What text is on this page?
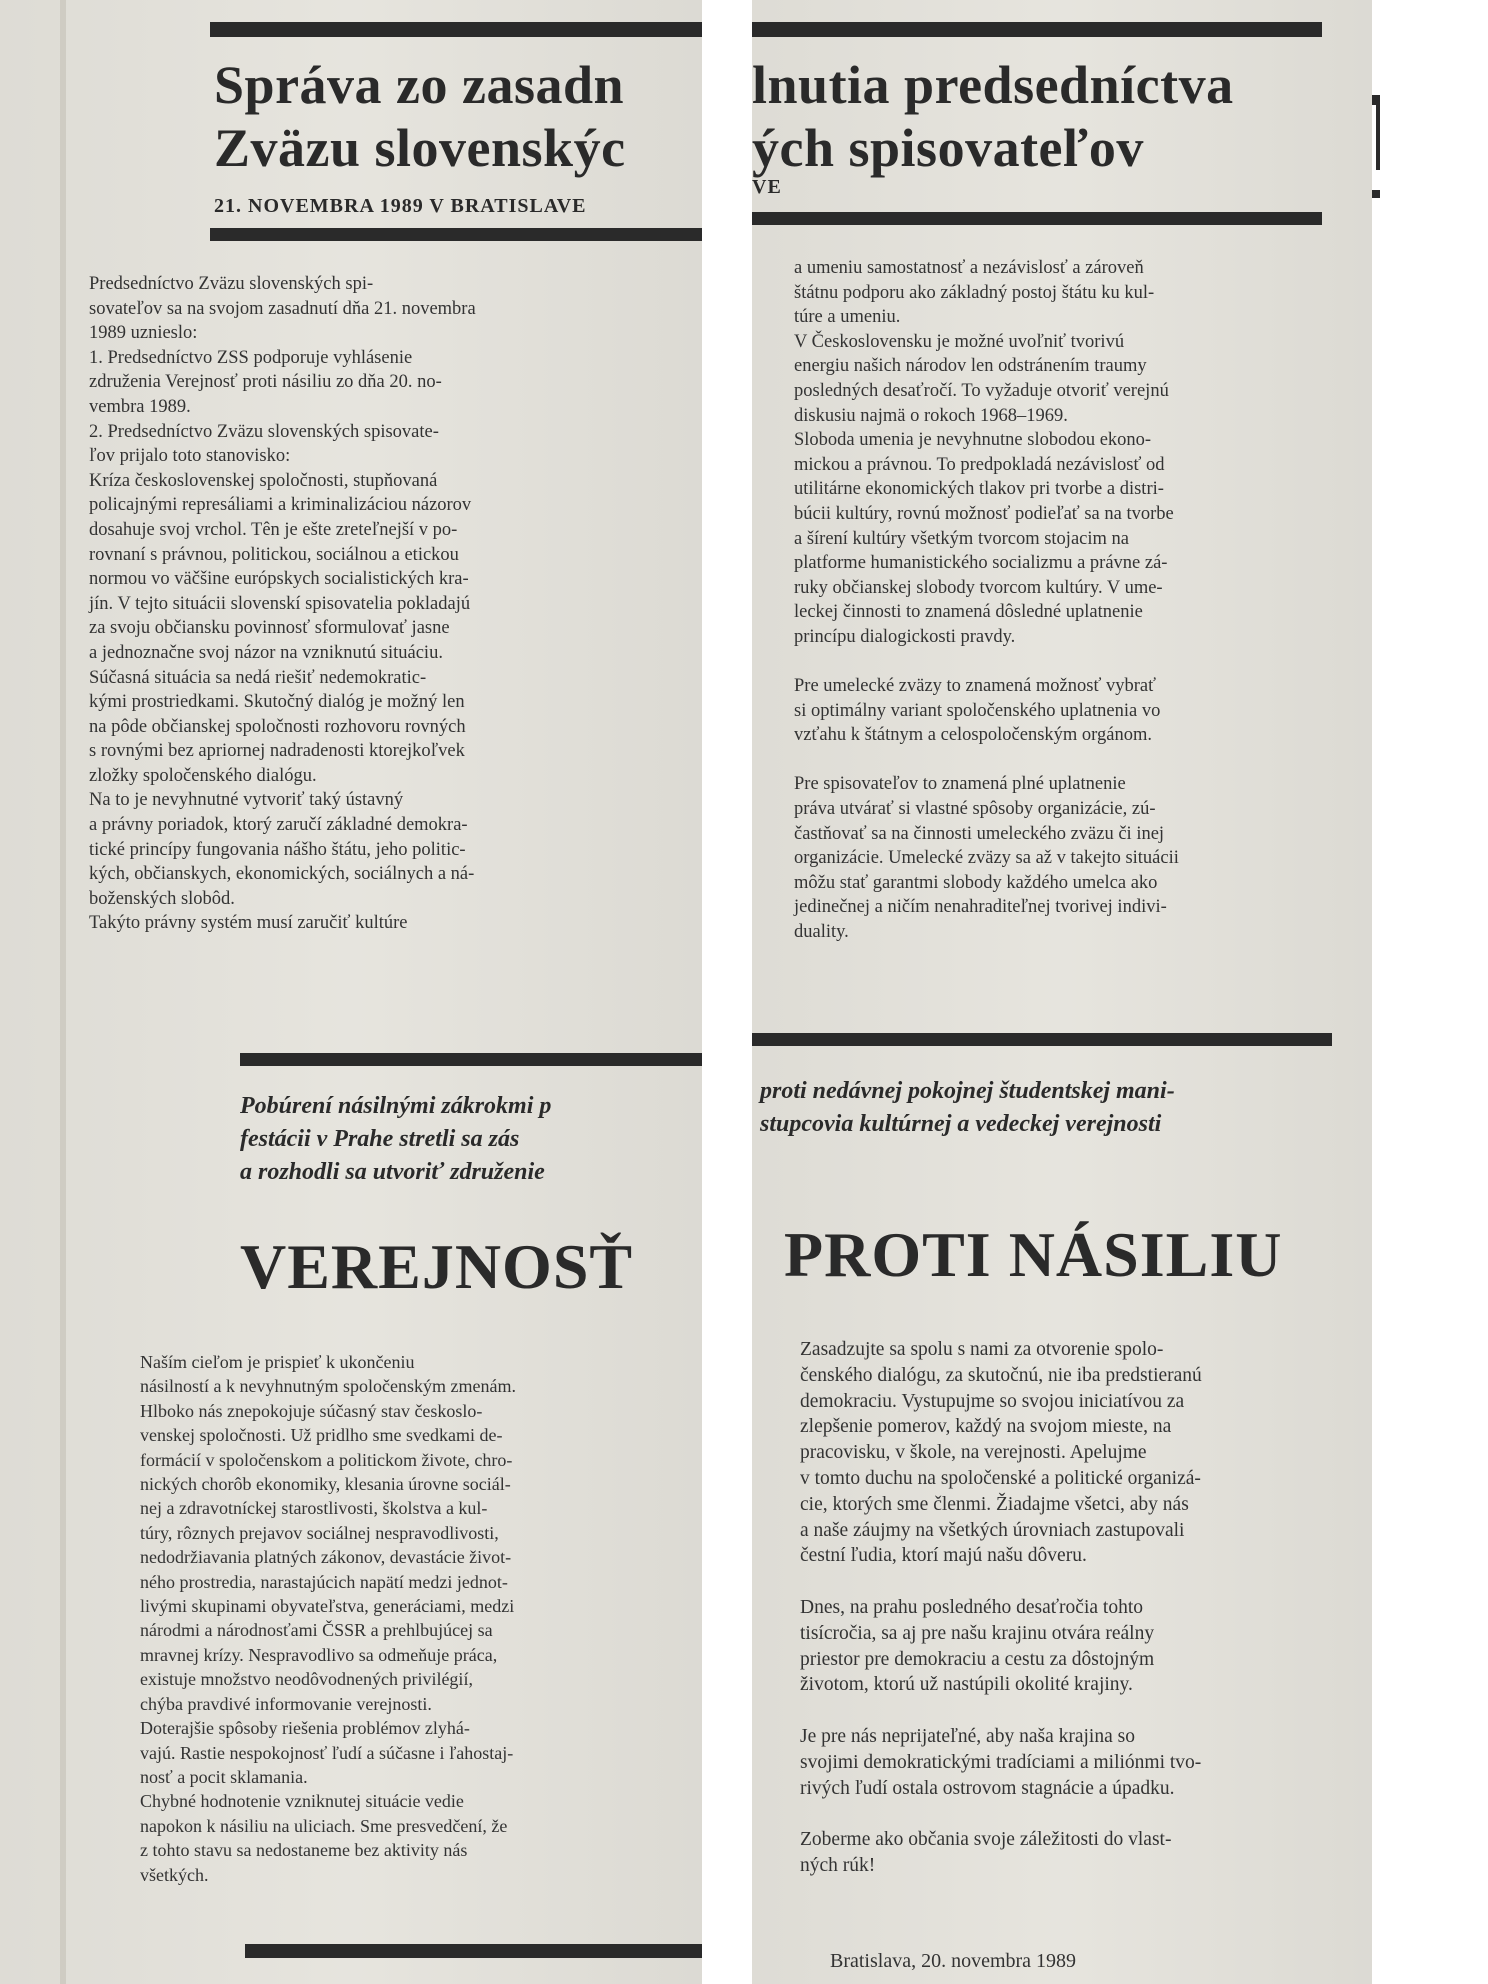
Správa zo zasadn
Zväzu slovenskýc

21. NOVEMBRA 1989 V BRATISLAVE

Predsedníctvo Zväzu slovenských spi-
sovateľov sa na svojom zasadnutí dňa 21. novembra
1989 uznieslo:
1. Predsedníctvo ZSS podporuje vyhlásenie
združenia Verejnosť proti násiliu zo dňa 20. no-
vembra 1989.
2. Predsedníctvo Zväzu slovenských spisovate-
ľov prijalo toto stanovisko:
Kríza československej spoločnosti, stupňovaná
policajnými represáliami a kriminalizáciou názorov
dosahuje svoj vrchol. Tên je ešte zreteľnejší v po-
rovnaní s právnou, politickou, sociálnou a etickou
normou vo väčšine európskych socialistických kra-
jín. V tejto situácii slovenskí spisovatelia pokladajú
za svoju občiansku povinnosť sformulovať jasne
a jednoznačne svoj názor na vzniknutú situáciu.
Súčasná situácia sa nedá riešiť nedemokratic-
kými prostriedkami. Skutočný dialóg je možný len
na pôde občianskej spoločnosti rozhovoru rovných
s rovnými bez apriornej nadradenosti ktorejkoľvek
zložky spoločenského dialógu.
Na to je nevyhnutné vytvoriť taký ústavný
a právny poriadok, ktorý zaručí základné demokra-
tické princípy fungovania nášho štátu, jeho politic-
kých, občianskych, ekonomických, sociálnych a ná-
boženských slobôd.
Takýto právny systém musí zaručiť kultúre

Pobúrení násilnými zákrokmi p
festácii v Prahe stretli sa zás
a rozhodli sa utvoriť združenie

VEREJNOSŤ

Naším cieľom je prispieť k ukončeniu
násilností a k nevyhnutným spoločenským zmenám.
Hlboko nás znepokojuje súčasný stav českoslo-
venskej spoločnosti. Už pridlho sme svedkami de-
formácií v spoločenskom a politickom živote, chro-
nických chorôb ekonomiky, klesania úrovne sociál-
nej a zdravotníckej starostlivosti, školstva a kul-
túry, rôznych prejavov sociálnej nespravodlivosti,
nedodržiavania platných zákonov, devastácie život-
ného prostredia, narastajúcich napätí medzi jednot-
livými skupinami obyvateľstva, generáciami, medzi
národmi a národnosťami ČSSR a prehlbujúcej sa
mravnej krízy. Nespravodlivo sa odmeňuje práca,
existuje množstvo neodôvodnených privilégií,
chýba pravdivé informovanie verejnosti.
Doterajšie spôsoby riešenia problémov zlyhá-
vajú. Rastie nespokojnosť ľudí a súčasne i ľahostaj-
nosť a pocit sklamania.
Chybné hodnotenie vzniknutej situácie vedie
napokon k násiliu na uliciach. Sme presvedčení, že
z tohto stavu sa nedostaneme bez aktivity nás
všetkých.

lnutia predsedníctva
ých spisovateľov

VE

a umeniu samostatnosť a nezávislosť a zároveň
štátnu podporu ako základný postoj štátu ku kul-
túre a umeniu.
V Československu je možné uvoľniť tvorivú
energiu našich národov len odstránením traumy
posledných desaťročí. To vyžaduje otvoriť verejnú
diskusiu najmä o rokoch 1968–1969.
Sloboda umenia je nevyhnutne slobodou ekono-
mickou a právnou. To predpokladá nezávislosť od
utilitárne ekonomických tlakov pri tvorbe a distri-
búcii kultúry, rovnú možnosť podieľať sa na tvorbe
a šírení kultúry všetkým tvorcom stojacim na
platforme humanistického socializmu a právne zá-
ruky občianskej slobody tvorcom kultúry. V ume-
leckej činnosti to znamená dôsledné uplatnenie
princípu dialogickosti pravdy.

Pre umelecké zväzy to znamená možnosť vybrať
si optimálny variant spoločenského uplatnenia vo
vzťahu k štátnym a celospoločenským orgánom.

Pre spisovateľov to znamená plné uplatnenie
práva utvárať si vlastné spôsoby organizácie, zú-
častňovať sa na činnosti umeleckého zväzu či inej
organizácie. Umelecké zväzy sa až v takejto situácii
môžu stať garantmi slobody každého umelca ako
jedinečnej a ničím nenahraditeľnej tvorivej indivi-
duality.

proti nedávnej pokojnej študentskej mani-
stupcovia kultúrnej a vedeckej verejnosti

PROTI NÁSILIU

Zasadzujte sa spolu s nami za otvorenie spolo-
čenského dialógu, za skutočnú, nie iba predstieranú
demokraciu. Vystupujme so svojou iniciatívou za
zlepšenie pomerov, každý na svojom mieste, na
pracovisku, v škole, na verejnosti. Apelujme
v tomto duchu na spoločenské a politické organizá-
cie, ktorých sme členmi. Žiadajme všetci, aby nás
a naše záujmy na všetkých úrovniach zastupovali
čestní ľudia, ktorí majú našu dôveru.

Dnes, na prahu posledného desaťročia tohto
tisícročia, sa aj pre našu krajinu otvára reálny
priestor pre demokraciu a cestu za dôstojným
životom, ktorú už nastúpili okolité krajiny.

Je pre nás neprijateľné, aby naša krajina so
svojimi demokratickými tradíciami a miliónmi tvo-
rivých ľudí ostala ostrovom stagnácie a úpadku.

Zoberme ako občania svoje záležitosti do vlast-
ných rúk!

Bratislava, 20. novembra 1989
